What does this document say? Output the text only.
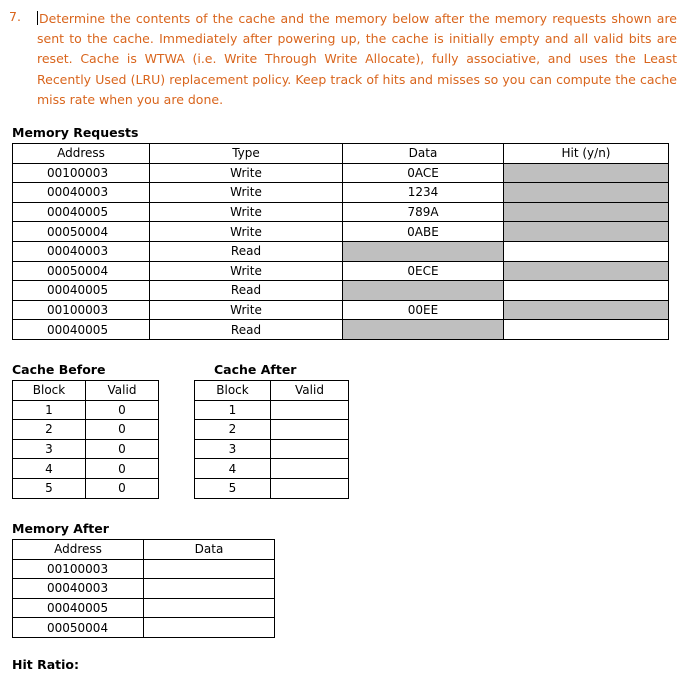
7. Determine the contents of the cache and the memory below after the memory requests shown are sent to the cache. Immediately after powering up, the cache is initially empty and all valid bits are reset. Cache is WTWA (i.e. Write Through Write Allocate), fully associative, and uses the Least Recently Used (LRU) replacement policy. Keep track of hits and misses so you can compute the cache miss rate when you are done.
Memory Requests
Address	Type	Data	Hit (y/n)
00100003	Write	0ACE	
00040003	Write	1234	
00040005	Write	789A	
00050004	Write	0ABE	
00040003	Read		
00050004	Write	0ECE	
00040005	Read		
00100003	Write	00EE	
00040005	Read		
Cache Before
Block	Valid
1	0
2	0
3	0
4	0
5	0
Cache After
Block	Valid
1	
2	
3	
4	
5	
Memory After
Address	Data
00100003	
00040003	
00040005	
00050004	
Hit Ratio:
